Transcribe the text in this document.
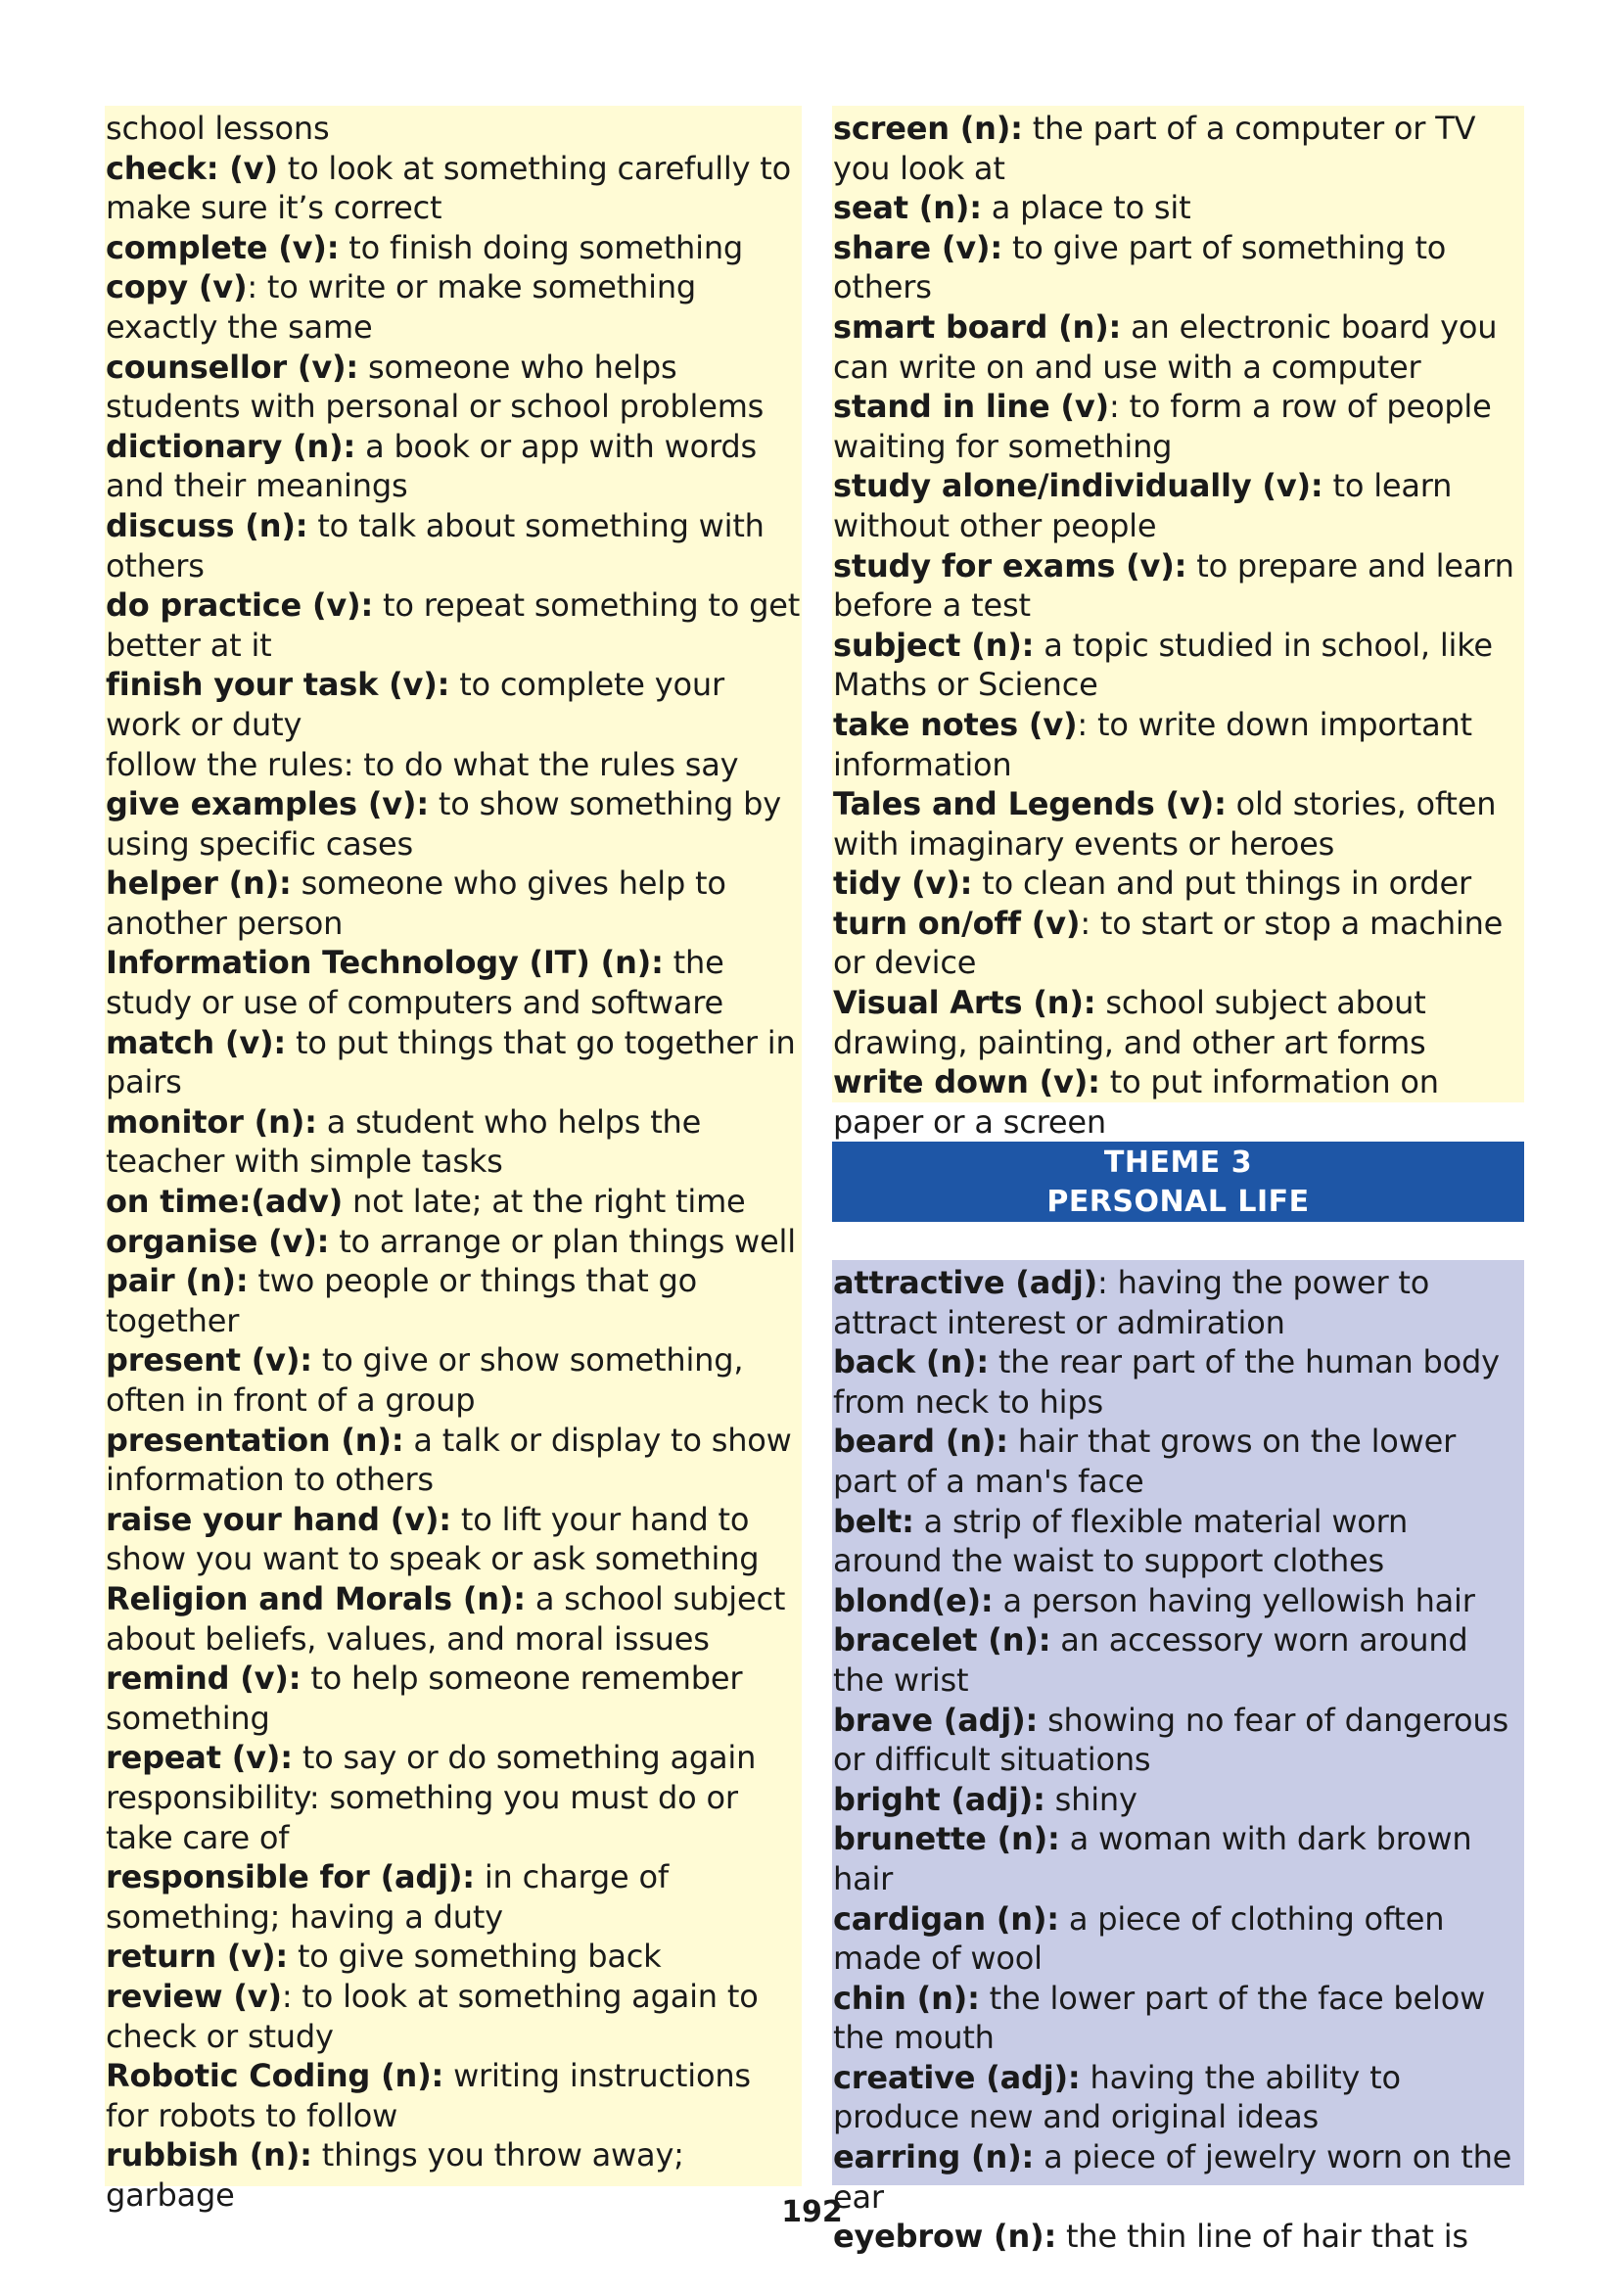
school lessons

check: (v) to look at something carefully to make sure it’s correct

complete (v): to finish doing something

copy (v): to write or make something exactly the same

counsellor (v): someone who helps students with personal or school problems

dictionary (n): a book or app with words and their meanings

discuss (n): to talk about something with others

do practice (v): to repeat something to get better at it

finish your task (v): to complete your work or duty

follow the rules: to do what the rules say

give examples (v): to show something by using specific cases

helper (n): someone who gives help to another person

Information Technology (IT) (n): the study or use of computers and software

match (v): to put things that go together in pairs

monitor (n): a student who helps the teacher with simple tasks

on time:(adv) not late; at the right time

organise (v): to arrange or plan things well

pair (n): two people or things that go together

present (v): to give or show something, often in front of a group

presentation (n): a talk or display to show information to others

raise your hand (v): to lift your hand to show you want to speak or ask something

Religion and Morals (n): a school subject about beliefs, values, and moral issues

remind (v): to help someone remember something

repeat (v): to say or do something again

responsibility: something you must do or take care of

responsible for (adj): in charge of something; having a duty

return (v): to give something back

review (v): to look at something again to check or study

Robotic Coding (n): writing instructions for robots to follow

rubbish (n): things you throw away; garbage

screen (n): the part of a computer or TV you look at

seat (n): a place to sit

share (v): to give part of something to others

smart board (n): an electronic board you can write on and use with a computer

stand in line (v): to form a row of people waiting for something

study alone/individually (v): to learn without other people

study for exams (v): to prepare and learn before a test

subject (n): a topic studied in school, like Maths or Science

take notes (v): to write down important information

Tales and Legends (v): old stories, often with imaginary events or heroes

tidy (v): to clean and put things in order

turn on/off (v): to start or stop a machine or device

Visual Arts (n): school subject about drawing, painting, and other art forms

write down (v): to put information on paper or a screen

THEME 3
PERSONAL LIFE

attractive (adj): having the power to attract interest or admiration

back (n): the rear part of the human body from neck to hips

beard (n): hair that grows on the lower part of a man's face

belt: a strip of flexible material worn around the waist to support clothes

blond(e): a person having yellowish hair

bracelet (n): an accessory worn around the wrist

brave (adj): showing no fear of dangerous or difficult situations

bright (adj): shiny

brunette (n): a woman with dark brown hair

cardigan (n): a piece of clothing often made of wool

chin (n): the lower part of the face below the mouth

creative (adj): having the ability to produce new and original ideas

earring (n): a piece of jewelry worn on the ear

eyebrow (n): the thin line of hair that is

192
